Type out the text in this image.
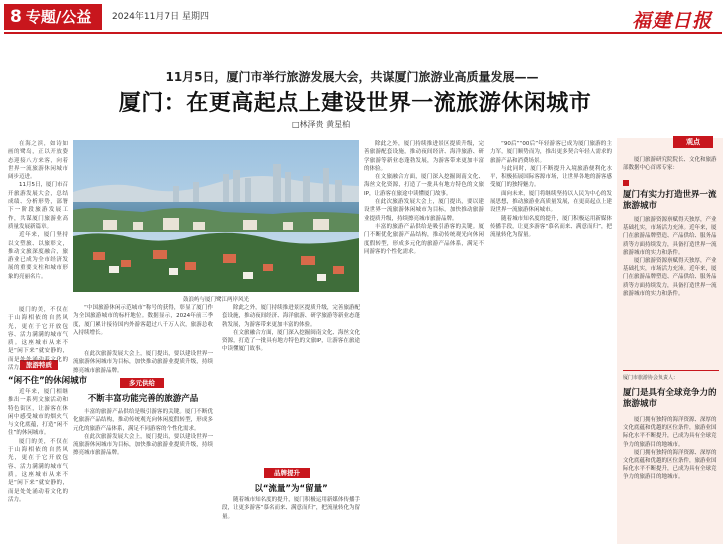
8 专题/公益	2024年11月7日 星期四	福建日报
11月5日，厦门市举行旅游发展大会，共谋厦门旅游业高质量发展——
厦门：在更高起点上建设世界一流旅游休闲城市
□林泽贵 黄星柏

在海之滨，如诗如画的鹭岛，正以开放姿态迎接八方来客，向着世界一流旅游休闲城市阔步迈进。

11月5日，厦门市召开旅游发展大会，总结成绩、分析形势，部署下一阶段旅游发展工作，共谋厦门旅游业高质量发展新篇章。

近年来，厦门坚持以文塑旅、以旅彰文，推动文旅深度融合，旅游业已成为全市经济发展的重要支柱和城市形象的亮丽名片。

旅游特质
“闲不住”的休闲城市

厦门的美，不仅在于山海相依的自然风光，更在于它开放包容、活力满满的城市气质。这座城市从来不是“闲下来”就安静的，而是处处涌动着文化的活力。

近年来，厦门相继推出一系列文旅活动和特色街区，让游客在休闲中感受城市的烟火气与文化底蕴，打造“闲不住”的休闲城市。

厦门的美，不仅在于山海相依的自然风光，更在于它开放包容、活力满满的城市气质。这座城市从来不是“闲下来”就安静的，而是处处涌动着文化的活力。

鼓浪屿与厦门鹭江两岸风光

“中国旅游休闲示范城市”称号的获得，彰显了厦门作为全国旅游城市的标杆地位。数据显示，2024年前三季度，厦门累计接待国内外游客超过八千万人次，旅游总收入持续增长。

在此次旅游发展大会上，厦门提出，要以建设世界一流旅游休闲城市为目标，加快推动旅游业提质升级，持续擦亮城市旅游品牌。

多元供给
不断丰富功能完善的旅游产品

丰富的旅游产品供给是吸引游客的关键。厦门不断优化旅游产品结构，推动传统观光向休闲度假转型，形成多元化的旅游产品体系，满足不同游客的个性化需求。

在此次旅游发展大会上，厦门提出，要以建设世界一流旅游休闲城市为目标，加快推动旅游业提质升级，持续擦亮城市旅游品牌。

除此之外，厦门持续推进景区提质升级，完善旅游配套设施，推动夜间经济、海洋旅游、研学旅游等新业态蓬勃发展，为游客带来更加丰富的体验。

在文旅融合方面，厦门深入挖掘闽南文化、海丝文化资源，打造了一批具有地方特色的文旅IP，让游客在旅途中读懂厦门故事。

品牌提升
以“流量”为“留量”

随着城市知名度的提升，厦门积极运用新媒体传播手段，让更多游客“慕名而来、满意而归”，把流量转化为留量。

除此之外，厦门持续推进景区提质升级，完善旅游配套设施，推动夜间经济、海洋旅游、研学旅游等新业态蓬勃发展，为游客带来更加丰富的体验。

在文旅融合方面，厦门深入挖掘闽南文化、海丝文化资源，打造了一批具有地方特色的文旅IP，让游客在旅途中读懂厦门故事。

在此次旅游发展大会上，厦门提出，要以建设世界一流旅游休闲城市为目标，加快推动旅游业提质升级，持续擦亮城市旅游品牌。

丰富的旅游产品供给是吸引游客的关键。厦门不断优化旅游产品结构，推动传统观光向休闲度假转型，形成多元化的旅游产品体系，满足不同游客的个性化需求。

“90后”“00后”年轻游客已成为厦门旅游的主力军，厦门顺势而为，推出更多契合年轻人需求的旅游产品和消费场景。

与此同时，厦门不断提升入境旅游便利化水平，积极拓展国际客源市场，让世界各地的游客感受厦门的独特魅力。

面向未来，厦门将继续坚持以人民为中心的发展思想，推动旅游业高质量发展，在更高起点上建设世界一流旅游休闲城市。

随着城市知名度的提升，厦门积极运用新媒体传播手段，让更多游客“慕名而来、满意而归”，把流量转化为留量。

观点

厦门旅游研究院院长、文化和旅游部数据中心首席专家：

厦门有实力打造世界一流旅游城市

厦门旅游资源禀赋得天独厚，产业基础扎实，市场活力充沛。近年来，厦门在旅游品牌塑造、产品供给、服务品质等方面持续发力，具备打造世界一流旅游城市的实力和条件。

厦门旅游资源禀赋得天独厚，产业基础扎实，市场活力充沛。近年来，厦门在旅游品牌塑造、产品供给、服务品质等方面持续发力，具备打造世界一流旅游城市的实力和条件。

厦门市旅游协会负责人：
厦门是具有全球竞争力的旅游城市

厦门拥有独特的海洋资源、深厚的文化底蕴和优越的区位条件，旅游业国际化水平不断提升，已成为具有全球竞争力的旅游目的地城市。

厦门拥有独特的海洋资源、深厚的文化底蕴和优越的区位条件，旅游业国际化水平不断提升，已成为具有全球竞争力的旅游目的地城市。
